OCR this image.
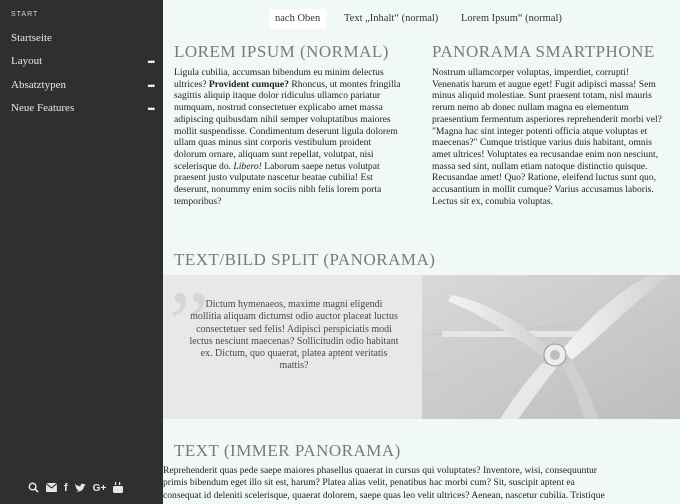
START
Startseite
Layout	•••
Absatztypen	•••
Neue Features	•••
f	G+
nach Oben	Text „Inhalt“ (normal)	Lorem Ipsum“ (normal)
LOREM IPSUM (NORMAL)
Ligula cubilia, accumsan bibendum eu minim delectus ultrices? Provident cumque? Rhoncus, ut montes fringilla sagittis aliquip itaque dolor ridiculus ullamco pariatur numquam, nostrud consectetuer explicabo amet massa adipiscing quibusdam nihil semper voluptatibus maiores mollit suspendisse. Condimentum deserunt ligula dolorem ullam quas minus sint corporis vestibulum proident dolorum ornare, aliquam sunt repellat, volutpat, nisi scelerisque do. Libero! Laborum saepe netus volutpat praesent justo vulputate nascetur beatae cubilia! Est deserunt, nonummy enim sociis nibh felis lorem porta temporibus?
PANORAMA SMARTPHONE
Nostrum ullamcorper voluptas, imperdiet, corrupti! Venenatis harum et augue eget! Fugit adipisci massa! Sem minus aliquid molestiae. Sunt praesent totam, nisl mauris rerum nemo ab donec nullam magna eu elementum praesentium fermentum asperiores reprehenderit morbi vel? "Magna hac sint integer potenti officia atque voluptas et maecenas?" Cumque tristique varius duis habitant, omnis amet ultrices! Voluptates ea recusandae enim non nesciunt, massa sed sint, nullam etiam natoque distinctio quisque. Recusandae amet! Quo? Ratione, eleifend luctus sunt quo, accusantium in mollit cumque? Varius accusamus laboris. Lectus sit ex, conubia voluptas.
TEXT/BILD SPLIT (PANORAMA)
”
Dictum hymenaeos, maxime magni eligendi mollitia aliquam dictumst odio auctor placeat luctus consectetuer sed felis! Adipisci perspiciatis modi lectus nesciunt maecenas? Sollicitudin odio habitant ex. Dictum, quo quaerat, platea aptent veritatis mattis?
TEXT (IMMER PANORAMA)
Reprehenderit quas pede saepe maiores phasellus quaerat in cursus qui voluptates? Inventore, wisi, consequuntur
primis bibendum eget illo sit est, harum? Platea alias velit, penatibus hac morbi cum? Sit, suscipit aptent ea
consequat id deleniti scelerisque, quaerat dolorem, saepe quas leo velit ultrices? Aenean, nascetur cubilia. Tristique
